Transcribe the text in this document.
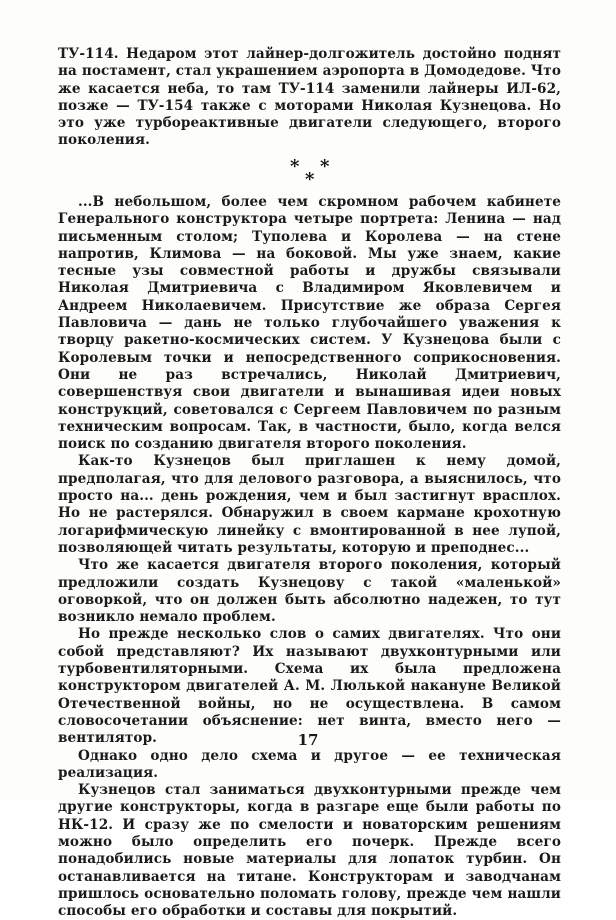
ТУ-114. Недаром этот лайнер-долгожитель достойно поднят на постамент, стал украшением аэропорта в Домодедове. Что же касается неба, то там ТУ-114 заменили лайнеры ИЛ-62, позже — ТУ-154 также с моторами Николая Кузнецова. Но это уже турбореактивные двигатели следующего, второго поколения.

* *
*

...В небольшом, более чем скромном рабочем кабинете Генерального конструктора четыре портрета: Ленина — над письменным столом; Туполева и Королева — на стене напротив, Климова — на боковой. Мы уже знаем, какие тесные узы совместной работы и дружбы связывали Николая Дмитриевича с Владимиром Яковлевичем и Андреем Николаевичем. Присутствие же образа Сергея Павловича — дань не только глубочайшего уважения к творцу ракетно-космических систем. У Кузнецова были с Королевым точки и непосредственного соприкосновения. Они не раз встречались, Николай Дмитриевич, совершенствуя свои двигатели и вынашивая идеи новых конструкций, советовался с Сергеем Павловичем по разным техническим вопросам. Так, в частности, было, когда велся поиск по созданию двигателя второго поколения.

Как-то Кузнецов был приглашен к нему домой, предполагая, что для делового разговора, а выяснилось, что просто на... день рождения, чем и был застигнут врасплох. Но не растерялся. Обнаружил в своем кармане крохотную логарифмическую линейку с вмонтированной в нее лупой, позволяющей читать результаты, которую и преподнес...

Что же касается двигателя второго поколения, который предложили создать Кузнецову с такой «маленькой» оговоркой, что он должен быть абсолютно надежен, то тут возникло немало проблем.

Но прежде несколько слов о самих двигателях. Что они собой представляют? Их называют двухконтурными или турбовентиляторными. Схема их была предложена конструктором двигателей А. М. Люлькой накануне Великой Отечественной войны, но не осуществлена. В самом словосочетании объяснение: нет винта, вместо него — вентилятор.

Однако одно дело схема и другое — ее техническая реализация.

Кузнецов стал заниматься двухконтурными прежде чем другие конструкторы, когда в разгаре еще были работы по НК-12. И сразу же по смелости и новаторским решениям можно было определить его почерк. Прежде всего понадобились новые материалы для лопаток турбин. Он останавливается на титане. Конструкторам и заводчанам пришлось основательно поломать голову, прежде чем нашли способы его обработки и составы для покрытий.

17
